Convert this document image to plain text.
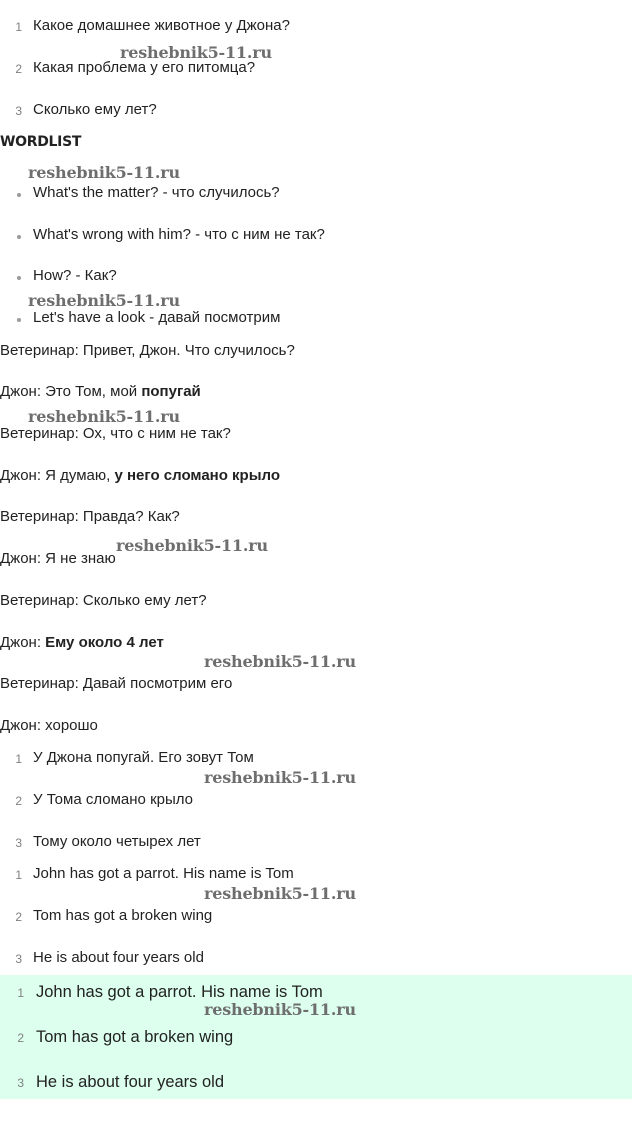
1 Какое домашнее животное у Джона?
2 Какая проблема у его питомца?
3 Сколько ему лет?
WORDLIST
What's the matter? - что случилось?
What's wrong with him? - что с ним не так?
How? - Как?
Let's have a look - давай посмотрим
Ветеринар: Привет, Джон. Что случилось?
Джон: Это Том, мой попугай
Ветеринар: Ох, что с ним не так?
Джон: Я думаю, у него сломано крыло
Ветеринар: Правда? Как?
Джон: Я не знаю
Ветеринар: Сколько ему лет?
Джон: Ему около 4 лет
Ветеринар: Давай посмотрим его
Джон: хорошо
1 У Джона попугай. Его зовут Том
2 У Тома сломано крыло
3 Тому около четырех лет
1 John has got a parrot. His name is Tom
2 Tom has got a broken wing
3 He is about four years old
1 John has got a parrot. His name is Tom
2 Tom has got a broken wing
3 He is about four years old
reshebnik5-11.ru
reshebnik5-11.ru
reshebnik5-11.ru
reshebnik5-11.ru
reshebnik5-11.ru
reshebnik5-11.ru
reshebnik5-11.ru
reshebnik5-11.ru
reshebnik5-11.ru
